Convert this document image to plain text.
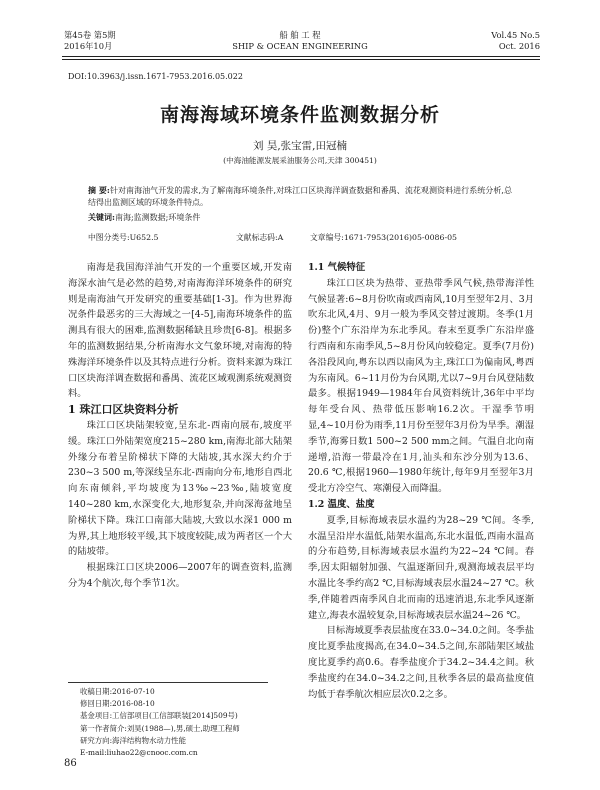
第45卷 第5期
2016年10月
船 舶 工 程
SHIP & OCEAN ENGINEERING
Vol.45 No.5
Oct. 2016
DOI:10.3963/j.issn.1671-7953.2016.05.022
南海海域环境条件监测数据分析
刘 昊,张宝雷,田冠楠
(中海油能源发展采油服务公司,天津 300451)
摘 要:针对南海油气开发的需求,为了解南海环境条件,对珠江口区块海洋调查数据和番禺、流花观测资料进行系统分析,总结得出监测区域的环境条件特点。
关键词:南海;监测数据;环境条件
中图分类号:U652.5	文献标志码:A	文章编号:1671-7953(2016)05-0086-05

南海是我国海洋油气开发的一个重要区域,开发南海深水油气是必然的趋势,对南海海洋环境条件的研究则是南海油气开发研究的重要基础[1-3]。作为世界海况条件最恶劣的三大海域之一[4-5],南海环境条件的监测具有很大的困难,监测数据稀缺且珍贵[6-8]。根据多年的监测数据结果,分析南海水文气象环境,对南海的特殊海洋环境条件以及其特点进行分析。资料来源为珠江口区块海洋调查数据和番禺、流花区域观测系统观测资料。

1 珠江口区块资料分析

珠江口区块陆架较宽,呈东北-西南向展布,坡度平缓。珠江口外陆架宽度215~280 km,南海北部大陆架外缘分布着呈阶梯状下降的大陆坡,其水深大约介于230~3 500 m,等深线呈东北-西南向分布,地形自西北向东南倾斜,平均坡度为13‰~23‰,陆坡宽度140~280 km,水深变化大,地形复杂,并向深海盆地呈阶梯状下降。珠江口南部大陆坡,大致以水深1 000 m为界,其上地形较平缓,其下坡度较陡,成为两者区一个大的陆坡带。

根据珠江口区块2006—2007年的调查资料,监测分为4个航次,每个季节1次。

1.1 气候特征

珠江口区块为热带、亚热带季风气候,热带海洋性气候显著:6~8月份吹南或西南风,10月至翌年2月、3月吹东北风,4月、9月一般为季风交替过渡期。冬季(1月份)整个广东沿岸为东北季风。春末至夏季广东沿岸盛行西南和东南季风,5~8月份风向较稳定。夏季(7月份)各沿段风向,粤东以西以南风为主,珠江口为偏南风,粤西为东南风。6~11月份为台风期,尤以7~9月台风登陆数最多。根据1949—1984年台风资料统计,36年中平均每年受台风、热带低压影响16.2次。干湿季节明显,4~10月份为雨季,11月份至翌年3月份为旱季。潮湿季节,海雾日数1 500~2 500 mm之间。气温自北向南递增,沿海一带最冷在1月,汕头和东沙分别为13.6、20.6 ℃,根据1960—1980年统计,每年9月至翌年3月受北方冷空气、寒潮侵入而降温。

1.2 温度、盐度

夏季,目标海域表层水温约为28~29 ℃间。冬季,水温呈沿岸水温低,陆架水温高,东北水温低,西南水温高的分布趋势,目标海域表层水温约为22~24 ℃间。春季,因太阳辐射加强、气温逐渐回升,观测海域表层平均水温比冬季约高2 ℃,目标海域表层水温24~27 ℃。秋季,伴随着西南季风自北而南的迅速消退,东北季风逐渐建立,海表水温较复杂,目标海域表层水温24~26 ℃。

目标海域夏季表层盐度在33.0~34.0之间。冬季盐度比夏季盐度揭高,在34.0~34.5之间,东部陆架区域盐度比夏季约高0.6。春季盐度介于34.2~34.4之间。秋季盐度约在34.0~34.2之间,且秋季各层的最高盐度值均低于春季航次相应层次0.2之多。

收稿日期:2016-07-10
修回日期:2016-08-10
基金项目:工信部项目(工信部联装[2014]509号)
第一作者简介:刘昊(1988—),男,硕士,助理工程师
研究方向:海洋结构物水动力性能
E-mail:liuhao22@cnooc.com.cn
86
